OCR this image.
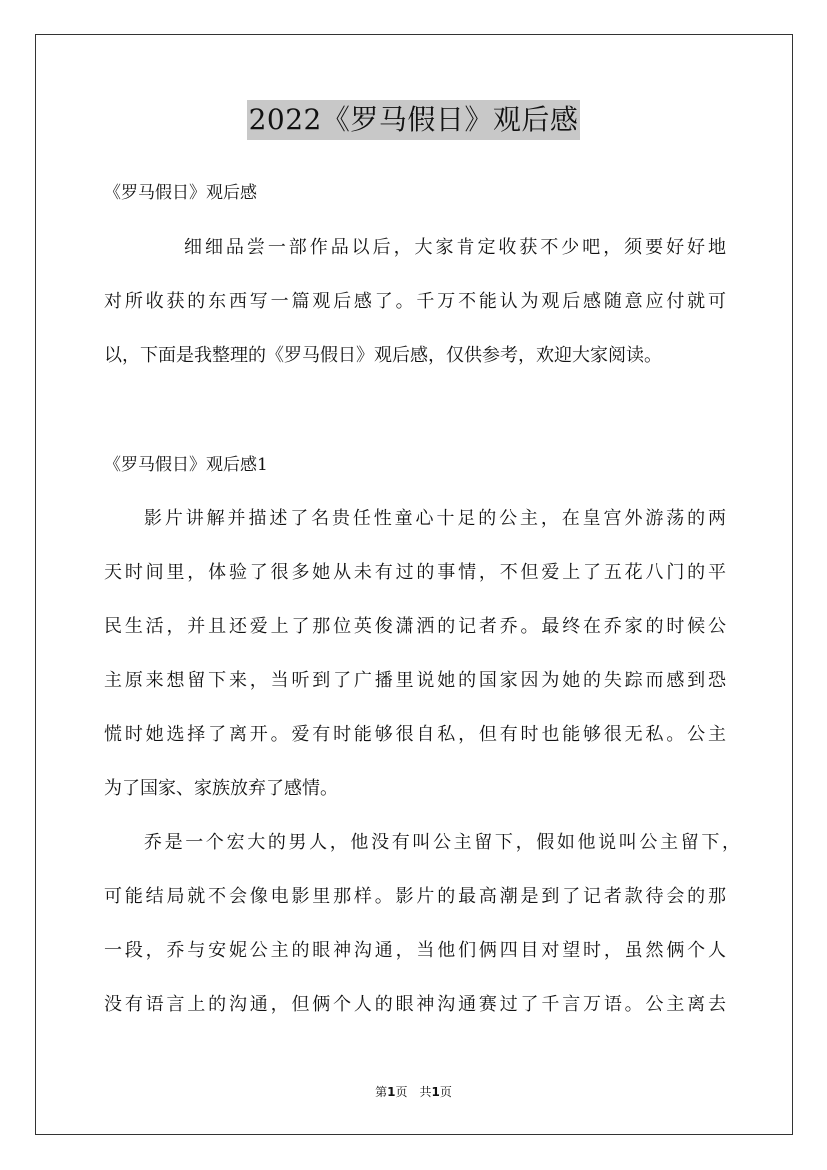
2022《罗马假日》观后感
《罗马假日》观后感
细细品尝一部作品以后，大家肯定收获不少吧，须要好好地
对所收获的东西写一篇观后感了。千万不能认为观后感随意应付就可
以，下面是我整理的《罗马假日》观后感，仅供参考，欢迎大家阅读。
《罗马假日》观后感1
影片讲解并描述了名贵任性童心十足的公主，在皇宫外游荡的两
天时间里，体验了很多她从未有过的事情，不但爱上了五花八门的平
民生活，并且还爱上了那位英俊潇洒的记者乔。最终在乔家的时候公
主原来想留下来，当听到了广播里说她的国家因为她的失踪而感到恐
慌时她选择了离开。爱有时能够很自私，但有时也能够很无私。公主
为了国家、家族放弃了感情。
乔是一个宏大的男人，他没有叫公主留下，假如他说叫公主留下，
可能结局就不会像电影里那样。影片的最高潮是到了记者款待会的那
一段，乔与安妮公主的眼神沟通，当他们俩四目对望时，虽然俩个人
没有语言上的沟通，但俩个人的眼神沟通赛过了千言万语。公主离去
第1页 共1页
